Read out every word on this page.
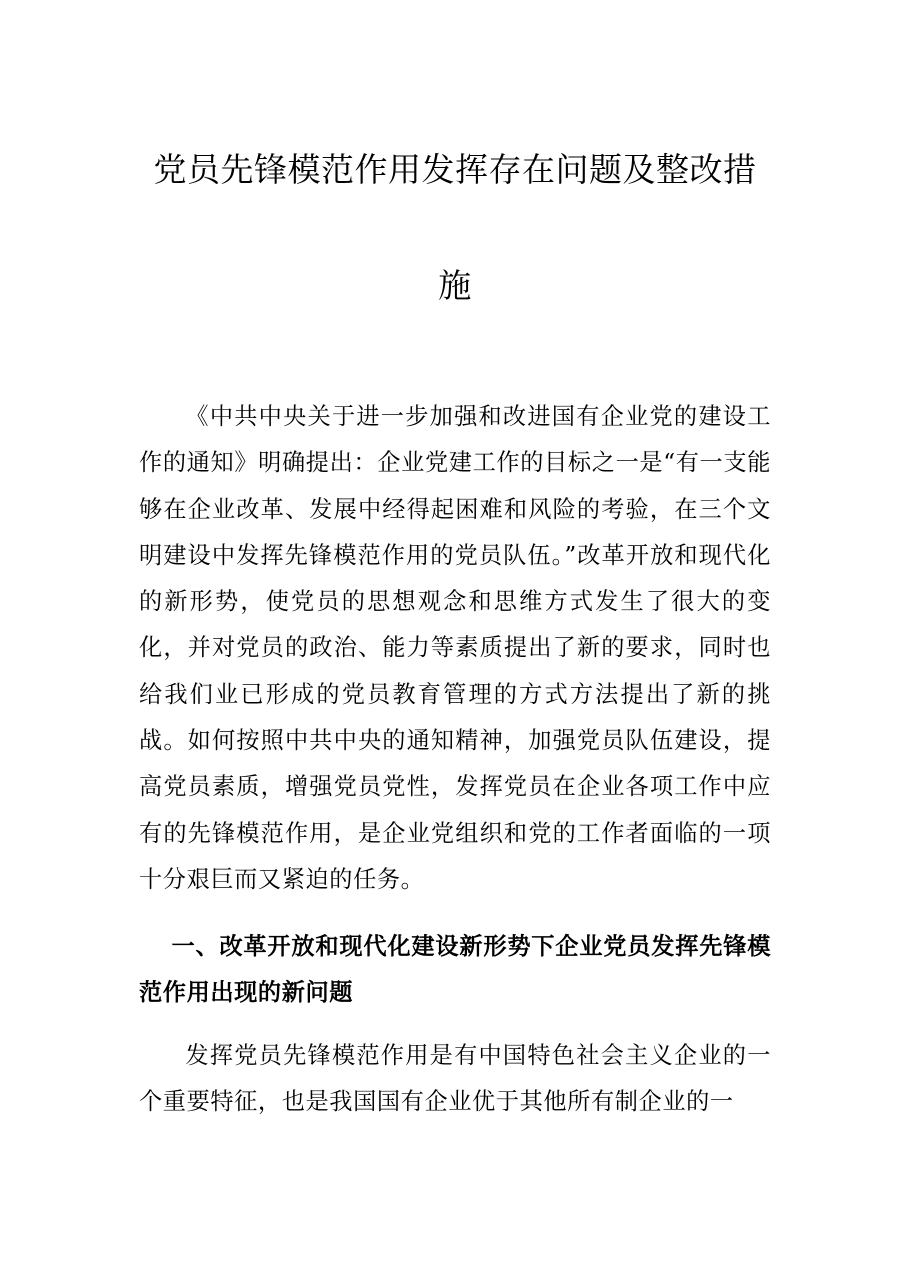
党员先锋模范作用发挥存在问题及整改措
施

《中共中央关于进一步加强和改进国有企业党的建设工作的通知》明确提出：企业党建工作的目标之一是“有一支能够在企业改革、发展中经得起困难和风险的考验，在三个文明建设中发挥先锋模范作用的党员队伍。”改革开放和现代化的新形势，使党员的思想观念和思维方式发生了很大的变化，并对党员的政治、能力等素质提出了新的要求，同时也给我们业已形成的党员教育管理的方式方法提出了新的挑战。如何按照中共中央的通知精神，加强党员队伍建设，提高党员素质，增强党员党性，发挥党员在企业各项工作中应有的先锋模范作用，是企业党组织和党的工作者面临的一项十分艰巨而又紧迫的任务。

一、改革开放和现代化建设新形势下企业党员发挥先锋模范作用出现的新问题

发挥党员先锋模范作用是有中国特色社会主义企业的一个重要特征，也是我国国有企业优于其他所有制企业的一
